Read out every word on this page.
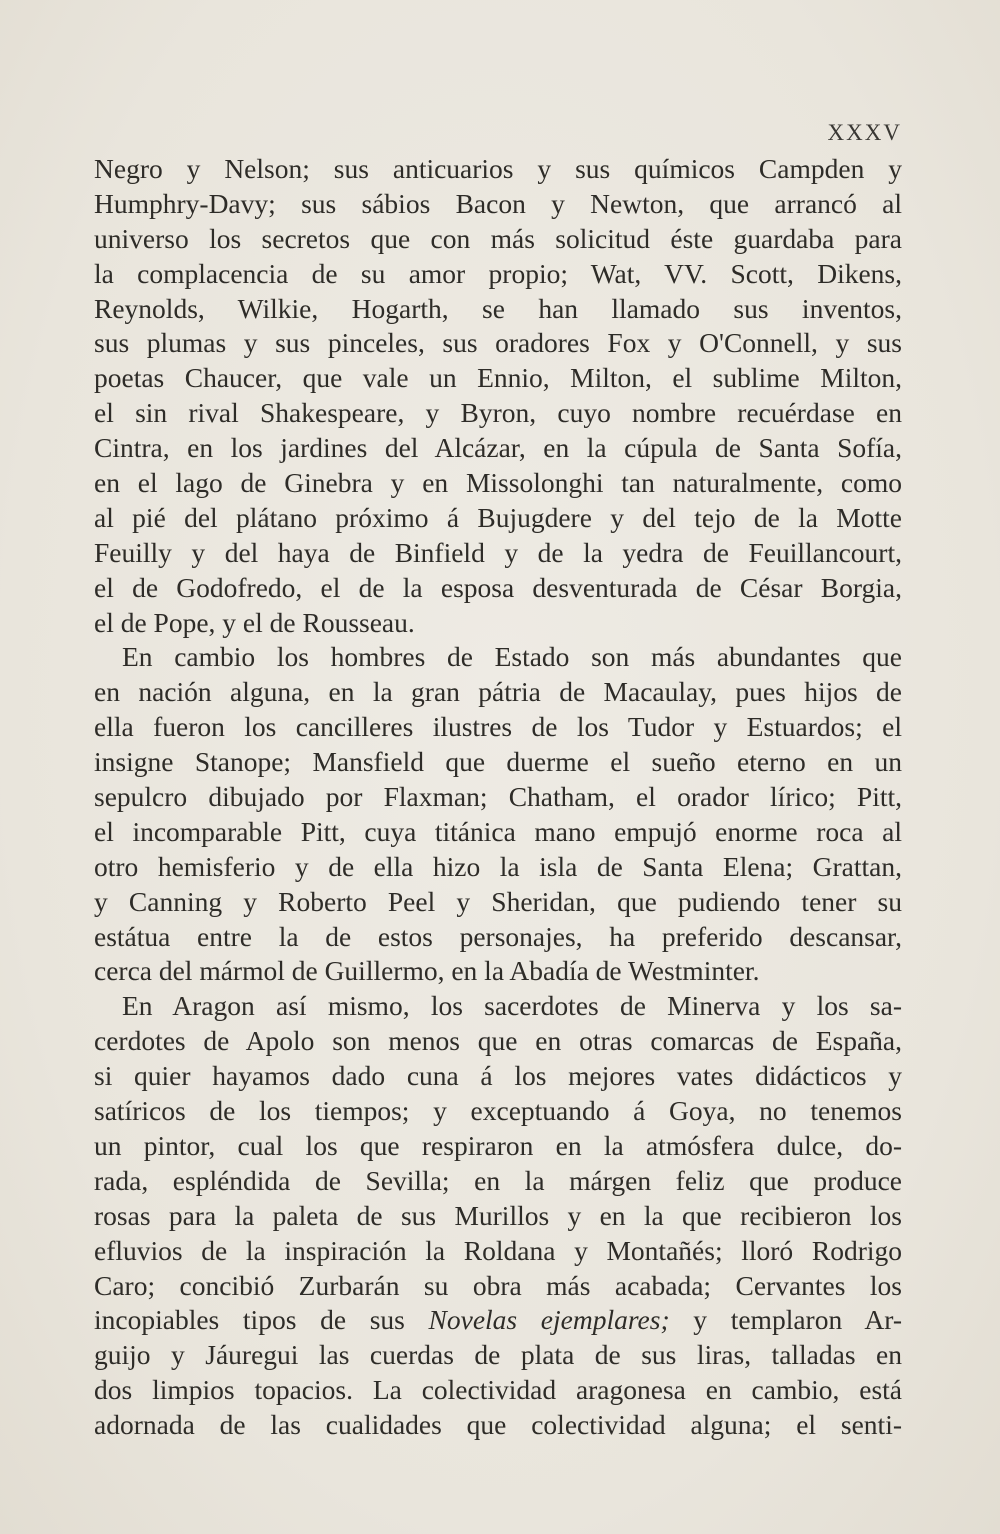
XXXV
Negro y Nelson; sus anticuarios y sus químicos Campden y
Humphry-Davy; sus sábios Bacon y Newton, que arrancó al
universo los secretos que con más solicitud éste guardaba para
la complacencia de su amor propio; Wat, VV. Scott, Dikens,
Reynolds, Wilkie, Hogarth, se han llamado sus inventos,
sus plumas y sus pinceles, sus oradores Fox y O'Connell, y sus
poetas Chaucer, que vale un Ennio, Milton, el sublime Milton,
el sin rival Shakespeare, y Byron, cuyo nombre recuérdase en
Cintra, en los jardines del Alcázar, en la cúpula de Santa Sofía,
en el lago de Ginebra y en Missolonghi tan naturalmente, como
al pié del plátano próximo á Bujugdere y del tejo de la Motte
Feuilly y del haya de Binfield y de la yedra de Feuillancourt,
el de Godofredo, el de la esposa desventurada de César Borgia,
el de Pope, y el de Rousseau.
En cambio los hombres de Estado son más abundantes que
en nación alguna, en la gran pátria de Macaulay, pues hijos de
ella fueron los cancilleres ilustres de los Tudor y Estuardos; el
insigne Stanope; Mansfield que duerme el sueño eterno en un
sepulcro dibujado por Flaxman; Chatham, el orador lírico; Pitt,
el incomparable Pitt, cuya titánica mano empujó enorme roca al
otro hemisferio y de ella hizo la isla de Santa Elena; Grattan,
y Canning y Roberto Peel y Sheridan, que pudiendo tener su
estátua entre la de estos personajes, ha preferido descansar,
cerca del mármol de Guillermo, en la Abadía de Westminter.
En Aragon así mismo, los sacerdotes de Minerva y los sa-
cerdotes de Apolo son menos que en otras comarcas de España,
si quier hayamos dado cuna á los mejores vates didácticos y
satíricos de los tiempos; y exceptuando á Goya, no tenemos
un pintor, cual los que respiraron en la atmósfera dulce, do-
rada, espléndida de Sevilla; en la márgen feliz que produce
rosas para la paleta de sus Murillos y en la que recibieron los
efluvios de la inspiración la Roldana y Montañés; lloró Rodrigo
Caro; concibió Zurbarán su obra más acabada; Cervantes los
incopiables tipos de sus Novelas ejemplares; y templaron Ar-
guijo y Jáuregui las cuerdas de plata de sus liras, talladas en
dos limpios topacios. La colectividad aragonesa en cambio, está
adornada de las cualidades que colectividad alguna; el senti-
